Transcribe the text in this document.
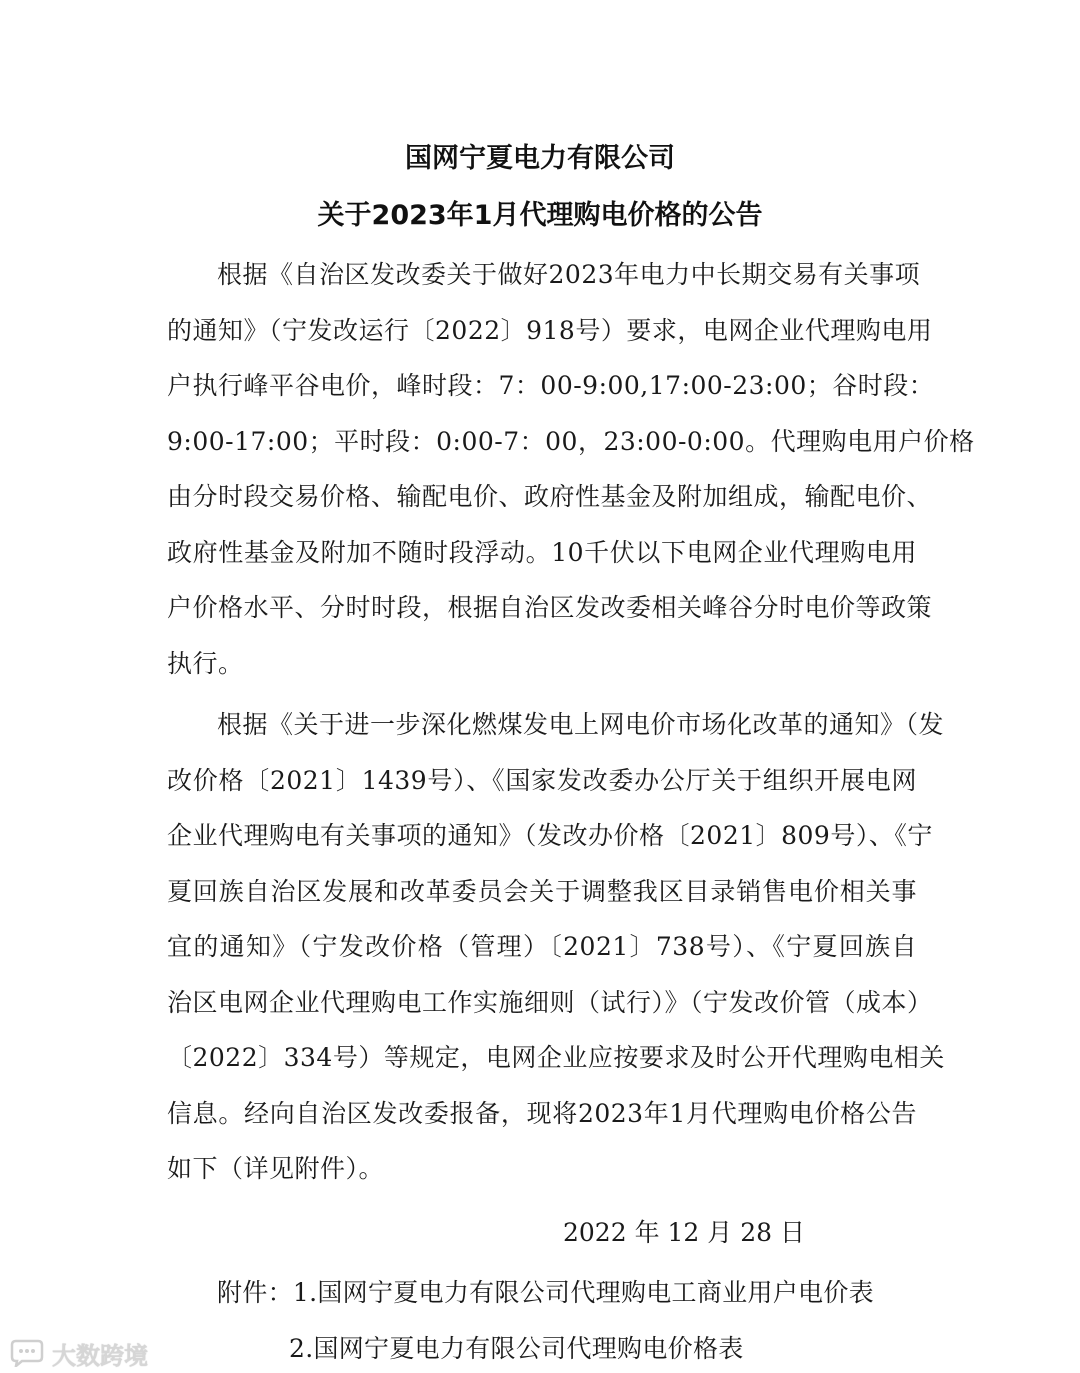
国网宁夏电力有限公司
关于2023年1月代理购电价格的公告
根据《自治区发改委关于做好2023年电力中长期交易有关事项
的通知》（宁发改运行〔2022〕918号）要求，电网企业代理购电用
户执行峰平谷电价，峰时段：7：00-9:00,17:00-23:00；谷时段：
9:00-17:00；平时段：0:00-7：00，23:00-0:00。代理购电用户价格
由分时段交易价格、输配电价、政府性基金及附加组成，输配电价、
政府性基金及附加不随时段浮动。10千伏以下电网企业代理购电用
户价格水平、分时时段，根据自治区发改委相关峰谷分时电价等政策
执行。
根据《关于进一步深化燃煤发电上网电价市场化改革的通知》（发
改价格〔2021〕1439号）、《国家发改委办公厅关于组织开展电网
企业代理购电有关事项的通知》（发改办价格〔2021〕809号）、《宁
夏回族自治区发展和改革委员会关于调整我区目录销售电价相关事
宜的通知》（宁发改价格（管理）〔2021〕738号）、《宁夏回族自
治区电网企业代理购电工作实施细则（试行）》（宁发改价管（成本）
〔2022〕334号）等规定，电网企业应按要求及时公开代理购电相关
信息。经向自治区发改委报备，现将2023年1月代理购电价格公告
如下（详见附件）。
2022 年 12 月 28 日
附件：1.国网宁夏电力有限公司代理购电工商业用户电价表
2.国网宁夏电力有限公司代理购电价格表
大数跨境
